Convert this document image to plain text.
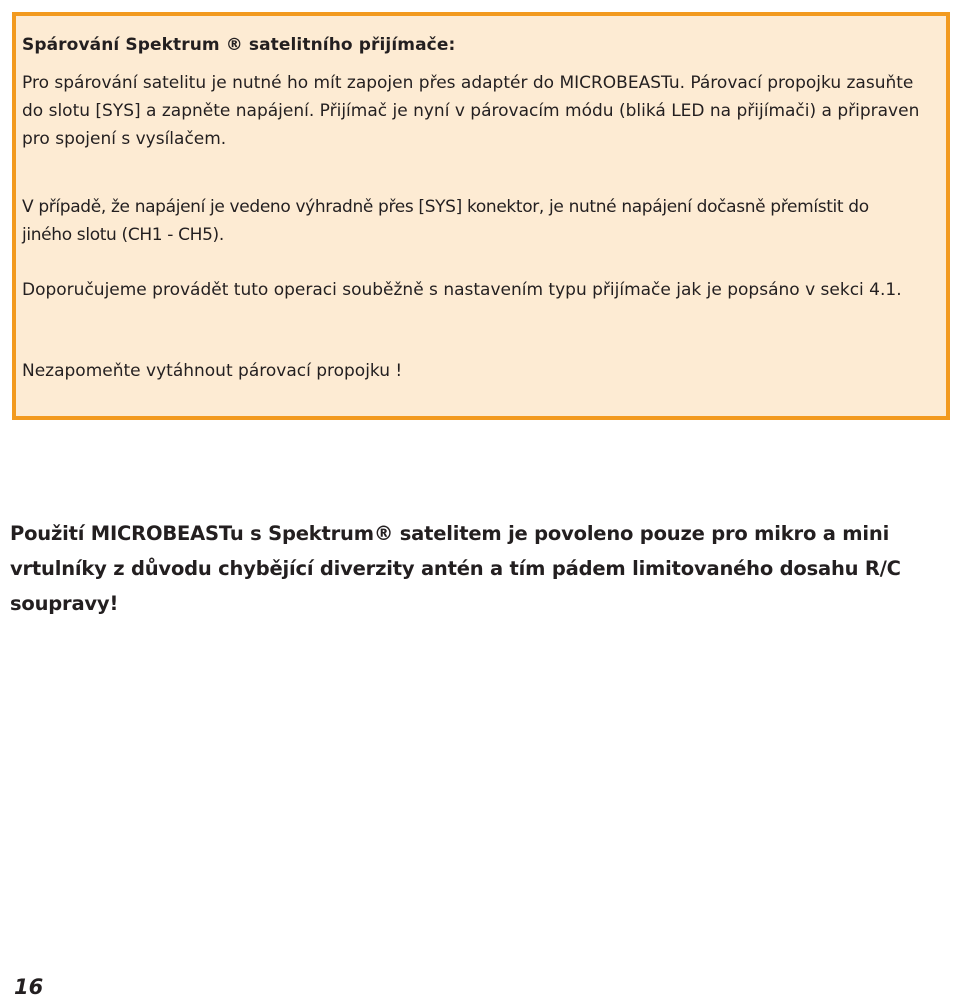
Spárování Spektrum ® satelitního přijímače:

Pro spárování satelitu je nutné ho mít zapojen přes adaptér do MICROBEASTu. Párovací propojku zasuňte do slotu [SYS] a zapněte napájení. Přijímač je nyní v párovacím módu (bliká LED na přijímači) a připraven pro spojení s vysílačem.

V případě, že napájení je vedeno výhradně přes [SYS] konektor, je nutné napájení dočasně přemístit do jiného slotu (CH1 - CH5).

Doporučujeme provádět tuto operaci souběžně s nastavením typu přijímače jak je popsáno v sekci 4.1.

Nezapomeňte vytáhnout párovací propojku !

Použití MICROBEASTu s Spektrum® satelitem je povoleno pouze pro mikro a mini vrtulníky z důvodu chybějící diverzity antén a tím pádem limitovaného dosahu R/C soupravy!

16
